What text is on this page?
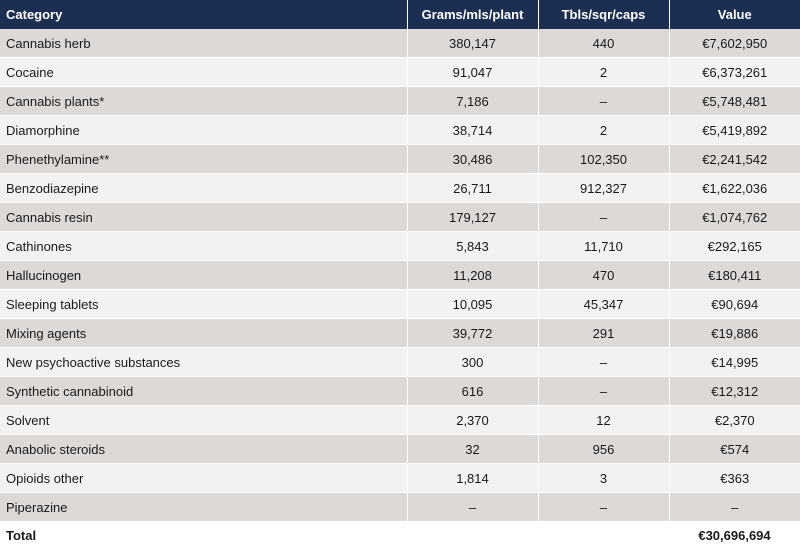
Category	Grams/mls/plant	Tbls/sqr/caps	Value
Cannabis herb	380,147	440	€7,602,950
Cocaine	91,047	2	€6,373,261
Cannabis plants*	7,186	–	€5,748,481
Diamorphine	38,714	2	€5,419,892
Phenethylamine**	30,486	102,350	€2,241,542
Benzodiazepine	26,711	912,327	€1,622,036
Cannabis resin	179,127	–	€1,074,762
Cathinones	5,843	11,710	€292,165
Hallucinogen	11,208	470	€180,411
Sleeping tablets	10,095	45,347	€90,694
Mixing agents	39,772	291	€19,886
New psychoactive substances	300	–	€14,995
Synthetic cannabinoid	616	–	€12,312
Solvent	2,370	12	€2,370
Anabolic steroids	32	956	€574
Opioids other	1,814	3	€363
Piperazine	–	–	–
Total			€30,696,694
